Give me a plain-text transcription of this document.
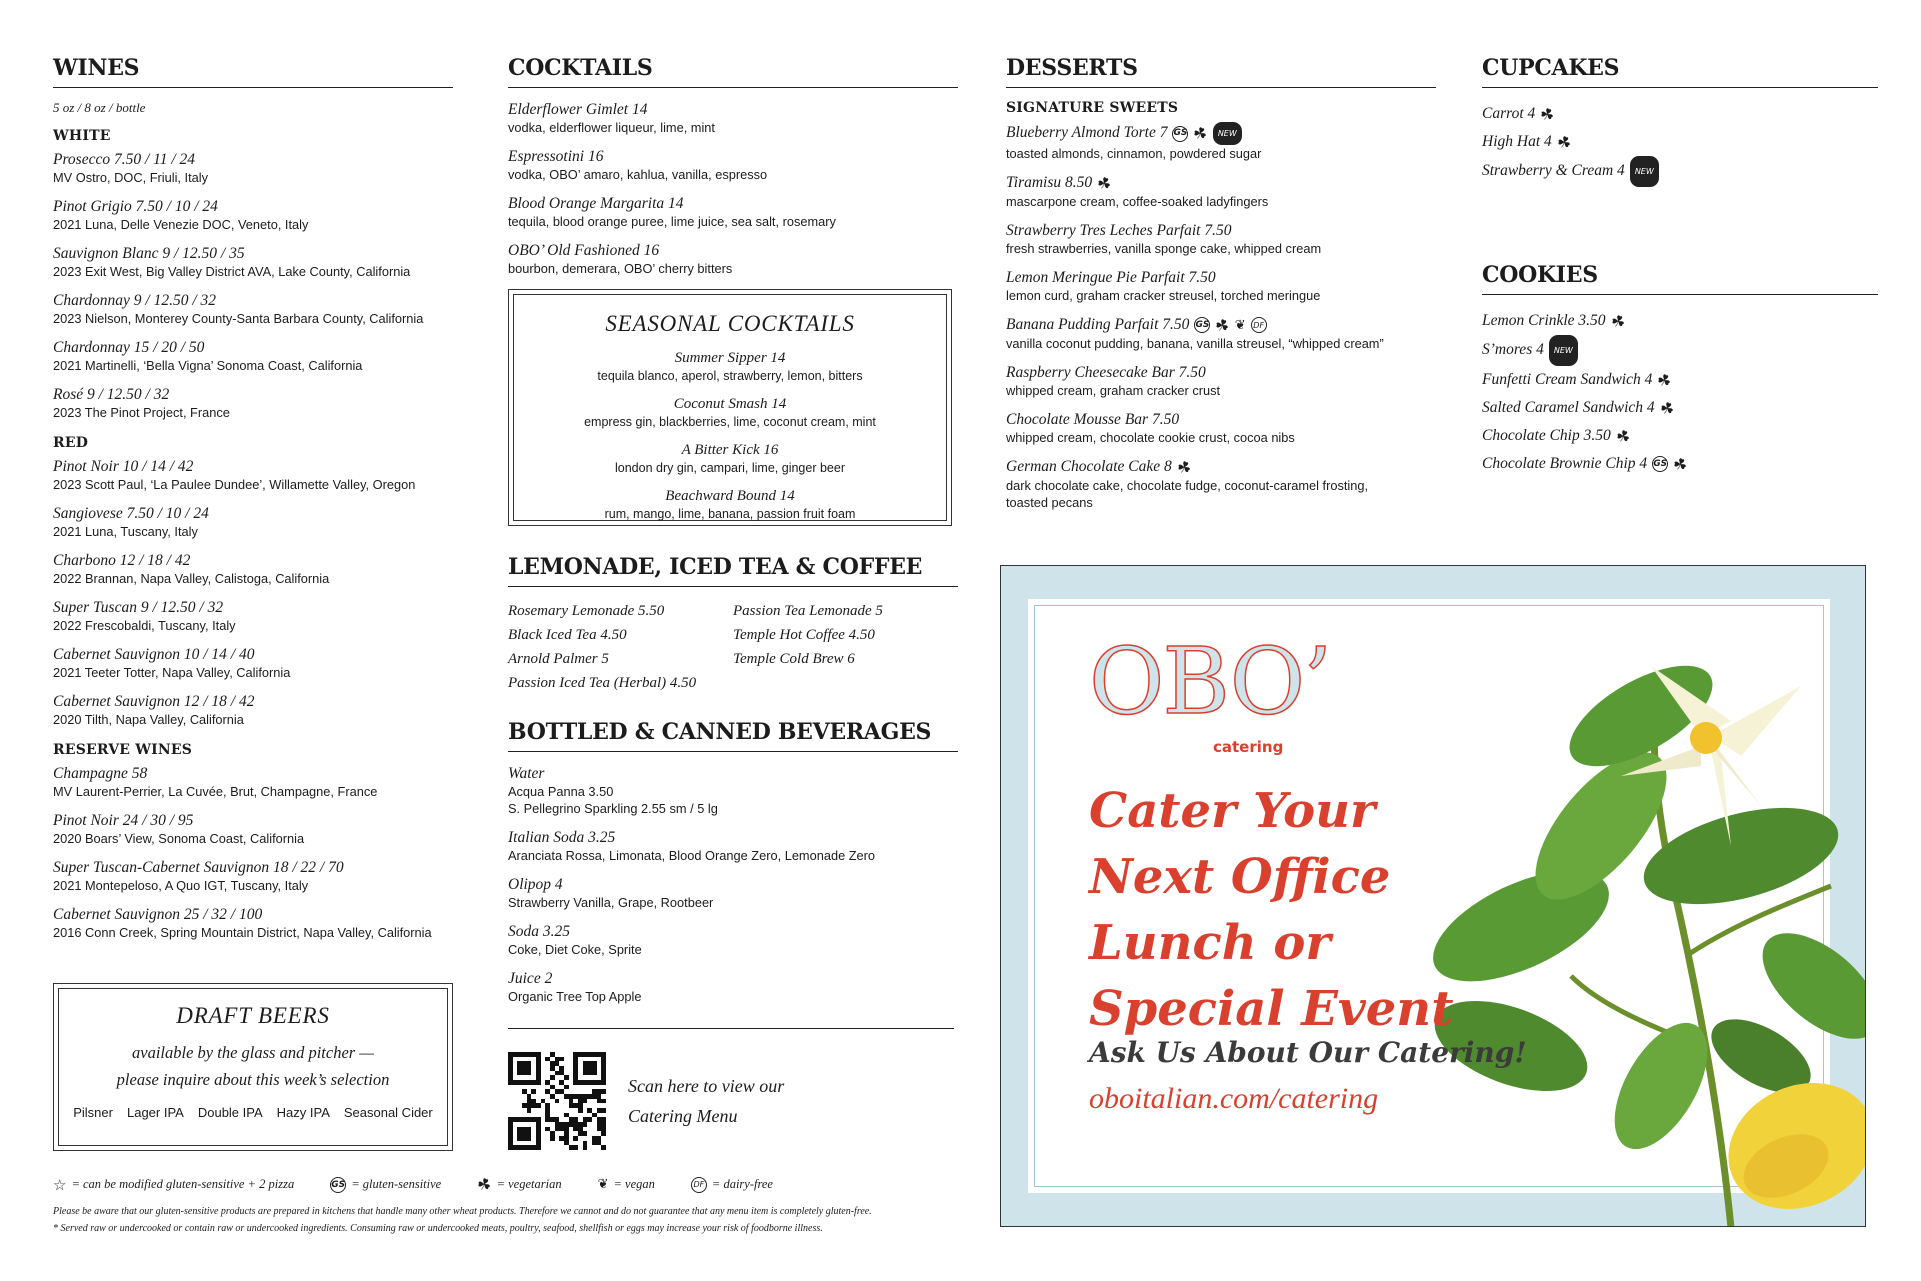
WINES
5 oz / 8 oz / bottle
WHITE
Prosecco 7.50 / 11 / 24
MV Ostro, DOC, Friuli, Italy
Pinot Grigio 7.50 / 10 / 24
2021 Luna, Delle Venezie DOC, Veneto, Italy
Sauvignon Blanc 9 / 12.50 / 35
2023 Exit West, Big Valley District AVA, Lake County, California
Chardonnay 9 / 12.50 / 32
2023 Nielson, Monterey County-Santa Barbara County, California
Chardonnay 15 / 20 / 50
2021 Martinelli, ‘Bella Vigna’ Sonoma Coast, California
Rosé 9 / 12.50 / 32
2023 The Pinot Project, France
RED
Pinot Noir 10 / 14 / 42
2023 Scott Paul, ‘La Paulee Dundee’, Willamette Valley, Oregon
Sangiovese 7.50 / 10 / 24
2021 Luna, Tuscany, Italy
Charbono 12 / 18 / 42
2022 Brannan, Napa Valley, Calistoga, California
Super Tuscan 9 / 12.50 / 32
2022 Frescobaldi, Tuscany, Italy
Cabernet Sauvignon 10 / 14 / 40
2021 Teeter Totter, Napa Valley, California
Cabernet Sauvignon 12 / 18 / 42
2020 Tilth, Napa Valley, California
RESERVE WINES
Champagne 58
MV Laurent-Perrier, La Cuvée, Brut, Champagne, France
Pinot Noir 24 / 30 / 95
2020 Boars’ View, Sonoma Coast, California
Super Tuscan-Cabernet Sauvignon 18 / 22 / 70
2021 Montepeloso, A Quo IGT, Tuscany, Italy
Cabernet Sauvignon 25 / 32 / 100
2016 Conn Creek, Spring Mountain District, Napa Valley, California
DRAFT BEERS
available by the glass and pitcher —
please inquire about this week’s selection
Pilsner Lager IPA Double IPA Hazy IPA Seasonal Cider
COCKTAILS
Elderflower Gimlet 14
vodka, elderflower liqueur, lime, mint
Espressotini 16
vodka, OBO’ amaro, kahlua, vanilla, espresso
Blood Orange Margarita 14
tequila, blood orange puree, lime juice, sea salt, rosemary
OBO’ Old Fashioned 16
bourbon, demerara, OBO’ cherry bitters
SEASONAL COCKTAILS
Summer Sipper 14
tequila blanco, aperol, strawberry, lemon, bitters
Coconut Smash 14
empress gin, blackberries, lime, coconut cream, mint
A Bitter Kick 16
london dry gin, campari, lime, ginger beer
Beachward Bound 14
rum, mango, lime, banana, passion fruit foam
LEMONADE, ICED TEA & COFFEE
Rosemary Lemonade 5.50
Black Iced Tea 4.50
Arnold Palmer 5
Passion Iced Tea (Herbal) 4.50
Passion Tea Lemonade 5
Temple Hot Coffee 4.50
Temple Cold Brew 6
BOTTLED & CANNED BEVERAGES
Water
Acqua Panna 3.50
S. Pellegrino Sparkling 2.55 sm / 5 lg
Italian Soda 3.25
Aranciata Rossa, Limonata, Blood Orange Zero, Lemonade Zero
Olipop 4
Strawberry Vanilla, Grape, Rootbeer
Soda 3.25
Coke, Diet Coke, Sprite
Juice 2
Organic Tree Top Apple
Scan here to view our
Catering Menu
DESSERTS
SIGNATURE SWEETS
Blueberry Almond Torte 7 GS ☘ NEW
toasted almonds, cinnamon, powdered sugar
Tiramisu 8.50 ☘
mascarpone cream, coffee-soaked ladyfingers
Strawberry Tres Leches Parfait 7.50
fresh strawberries, vanilla sponge cake, whipped cream
Lemon Meringue Pie Parfait 7.50
lemon curd, graham cracker streusel, torched meringue
Banana Pudding Parfait 7.50 GS ☘ ❦ DF
vanilla coconut pudding, banana, vanilla streusel, “whipped cream”
Raspberry Cheesecake Bar 7.50
whipped cream, graham cracker crust
Chocolate Mousse Bar 7.50
whipped cream, chocolate cookie crust, cocoa nibs
German Chocolate Cake 8 ☘
dark chocolate cake, chocolate fudge, coconut-caramel frosting,
toasted pecans
CUPCAKES
Carrot 4 ☘
High Hat 4 ☘
Strawberry & Cream 4 NEW
COOKIES
Lemon Crinkle 3.50 ☘
S’mores 4 NEW
Funfetti Cream Sandwich 4 ☘
Salted Caramel Sandwich 4 ☘
Chocolate Chip 3.50 ☘
Chocolate Brownie Chip 4 GS ☘
OBO’
catering
Cater Your
Next Office
Lunch or
Special Event
Ask Us About Our Catering!
oboitalian.com/catering
☆ = can be modified gluten-sensitive + 2 pizza	GS = gluten-sensitive ☘ = vegetarian	❦ = vegan	DF = dairy-free
Please be aware that our gluten-sensitive products are prepared in kitchens that handle many other wheat products. Therefore we cannot and do not guarantee that any menu item is completely gluten-free.
* Served raw or undercooked or contain raw or undercooked ingredients. Consuming raw or undercooked meats, poultry, seafood, shellfish or eggs may increase your risk of foodborne illness.
